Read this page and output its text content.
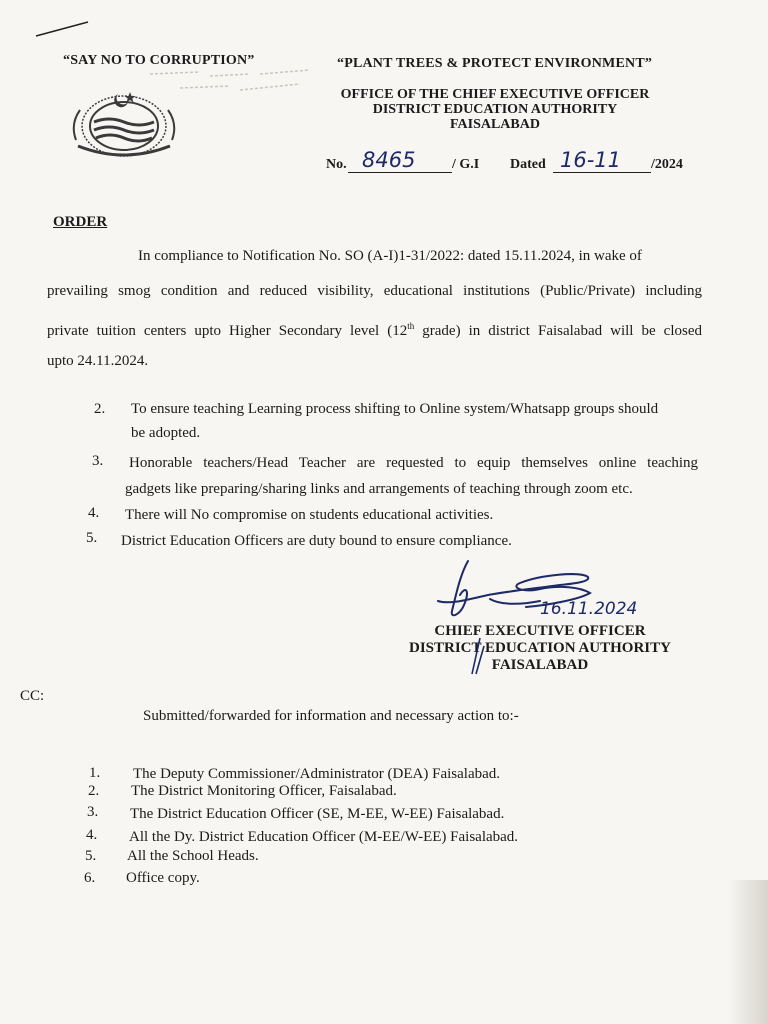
“SAY NO TO CORRUPTION”	“PLANT TREES & PROTECT ENVIRONMENT”
OFFICE OF THE CHIEF EXECUTIVE OFFICER
DISTRICT EDUCATION AUTHORITY
FAISALABAD
No. 8465	/ G.I Dated 16-11 /2024
ORDER
In compliance to Notification No. SO (A-I)1-31/2022: dated 15.11.2024, in wake of
prevailing smog condition and reduced visibility, educational institutions (Public/Private) including
private tuition centers upto Higher Secondary level (12th grade) in district Faisalabad will be closed
upto 24.11.2024.
2. To ensure teaching Learning process shifting to Online system/Whatsapp groups should
be adopted.
3. Honorable teachers/Head Teacher are requested to equip themselves online teaching
gadgets like preparing/sharing links and arrangements of teaching through zoom etc.
4. There will No compromise on students educational activities.
5. District Education Officers are duty bound to ensure compliance.
16.11.2024
CHIEF EXECUTIVE OFFICER
DISTRICT EDUCATION AUTHORITY
FAISALABAD
CC:
Submitted/forwarded for information and necessary action to:-
1. The Deputy Commissioner/Administrator (DEA) Faisalabad.
2. The District Monitoring Officer, Faisalabad.
3. The District Education Officer (SE, M-EE, W-EE) Faisalabad.
4. All the Dy. District Education Officer (M-EE/W-EE) Faisalabad.
5. All the School Heads.
6. Office copy.
